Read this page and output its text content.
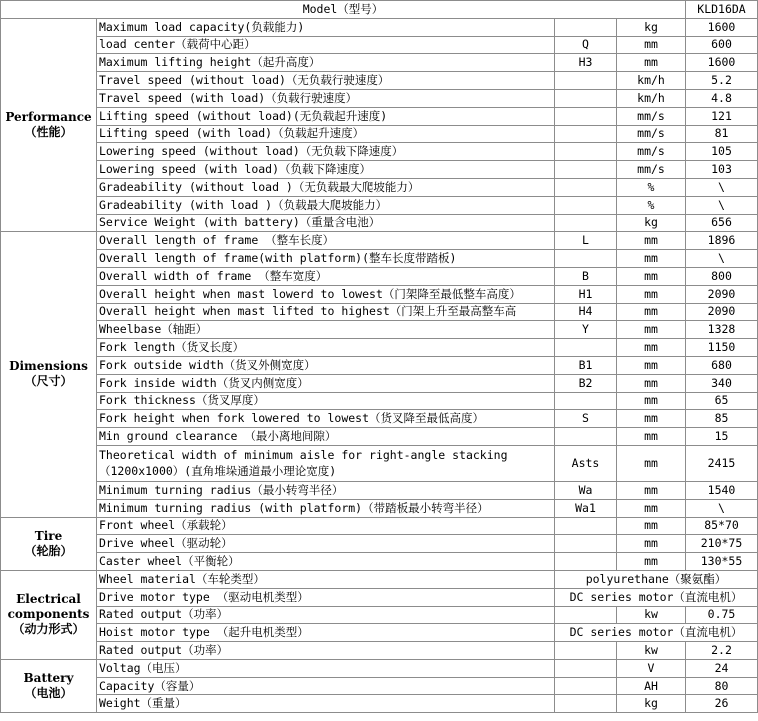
Model（型号）				KLD16DA

Performance
（性能）	Maximum load capacity(负载能力)		kg	1600

	load center（载荷中心距）	Q	mm	600

	Maximum lifting height（起升高度）	H3	mm	1600

	Travel speed (without load)（无负载行驶速度）		km/h	5.2

	Travel speed (with load)（负载行驶速度）		km/h	4.8

	Lifting speed (without load)(无负载起升速度)		mm/s	121

	Lifting speed (with load)（负载起升速度）		mm/s	81

	Lowering speed (without load)（无负载下降速度）		mm/s	105

	Lowering speed (with load)（负载下降速度）		mm/s	103

	Gradeability (without load )（无负载最大爬坡能力）		%	\

	Gradeability (with load )（负载最大爬坡能力）		%	\

	Service Weight (with battery)（重量含电池）		kg	656

Dimensions
（尺寸）	Overall length of frame （整车长度）	L	mm	1896

	Overall length of frame(with platform)(整车长度带踏板)		mm	\

	Overall width of frame （整车宽度）	B	mm	800

	Overall height when mast lowerd to lowest（门架降至最低整车高度）	H1	mm	2090

	Overall height when mast lifted to highest（门架上升至最高整车高	H4	mm	2090

	Wheelbase（轴距）	Y	mm	1328

	Fork length（货叉长度）		mm	1150

	Fork outside width（货叉外侧宽度）	B1	mm	680

	Fork inside width（货叉内侧宽度）	B2	mm	340

	Fork thickness（货叉厚度）		mm	65

	Fork height when fork lowered to lowest（货叉降至最低高度）	S	mm	85

	Min ground clearance （最小离地间隙）		mm	15

	Theoretical width of minimum aisle for right-angle stacking
（1200x1000）(直角堆垛通道最小理论宽度)	Asts	mm	2415

	Minimum turning radius（最小转弯半径）	Wa	mm	1540

	Minimum turning radius (with platform)（带踏板最小转弯半径）	Wa1	mm	\

Tire
（轮胎）	Front wheel（承载轮）		mm	85*70

	Drive wheel（驱动轮）		mm	210*75

	Caster wheel（平衡轮）		mm	130*55

Electrical components
（动力形式）	Wheel material（车轮类型）	polyurethane（聚氨酯）		

	Drive motor type （驱动电机类型）	DC series motor（直流电机）		

	Rated output（功率）		kw	0.75

	Hoist motor type （起升电机类型）	DC series motor（直流电机）		

	Rated output（功率）		kw	2.2

Battery
（电池）	Voltag（电压）		V	24

	Capacity（容量）		AH	80

	Weight（重量）		kg	26
